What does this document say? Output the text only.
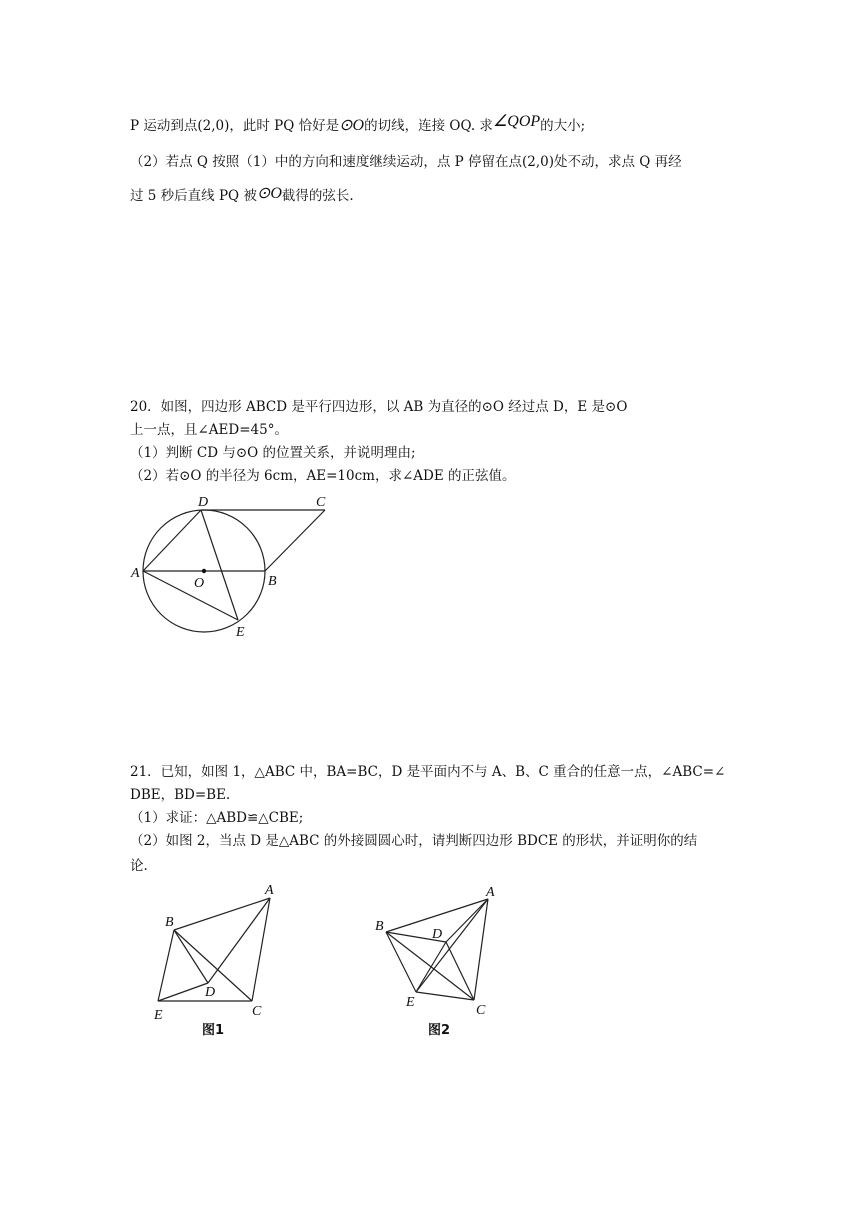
P 运动到点(2,0)，此时 PQ 恰好是⊙O的切线，连接 OQ. 求∠QOP的大小;
（2）若点 Q 按照（1）中的方向和速度继续运动，点 P 停留在点(2,0)处不动，求点 Q 再经
过 5 秒后直线 PQ 被⊙O截得的弦长.
20．如图，四边形 ABCD 是平行四边形，以 AB 为直径的⊙O 经过点 D，E 是⊙O
上一点，且∠AED=45°。
（1）判断 CD 与⊙O 的位置关系，并说明理由;
（2）若⊙O 的半径为 6cm，AE=10cm，求∠ADE 的正弦值。
D	C
A
O	B
E
21．已知，如图 1，△ABC 中，BA=BC，D 是平面内不与 A、B、C 重合的任意一点，∠ABC=∠
DBE，BD=BE.
（1）求证：△ABD≌△CBE;
（2）如图 2，当点 D 是△ABC 的外接圆圆心时，请判断四边形 BDCE 的形状，并证明你的结
论.
A
B
D
E	C
图1
A
B
D
E
C
图2
